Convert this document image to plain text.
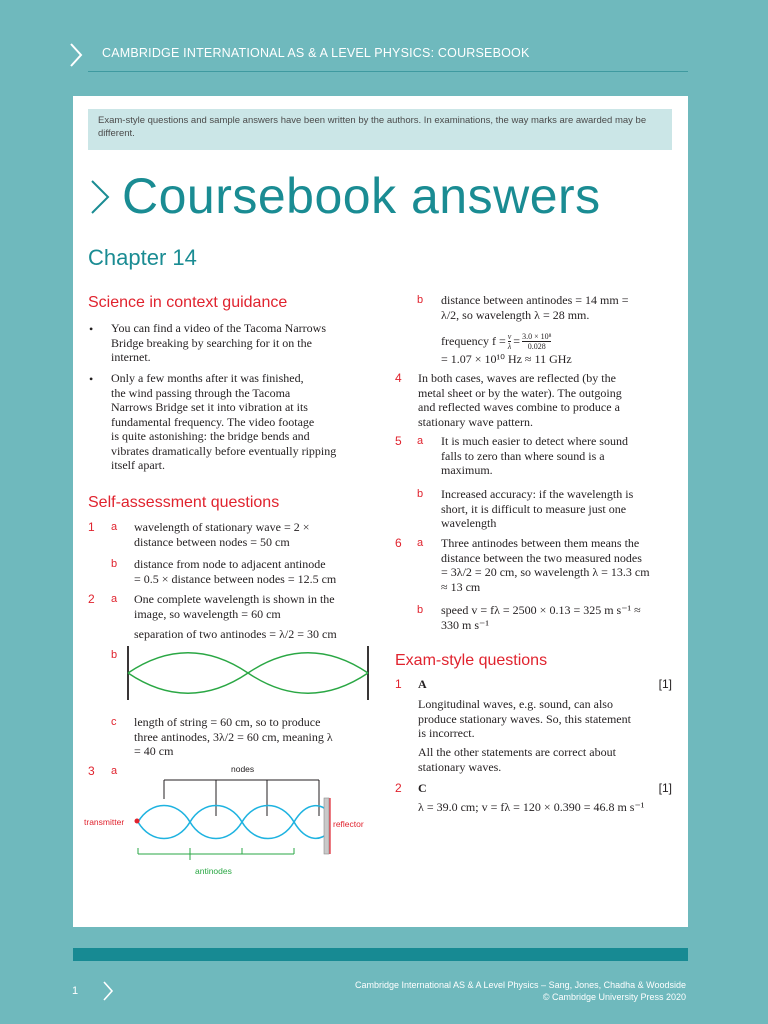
CAMBRIDGE INTERNATIONAL AS & A LEVEL PHYSICS: COURSEBOOK
Exam-style questions and sample answers have been written by the authors. In examinations, the way marks are awarded may be different.
Coursebook answers
Chapter 14
Science in context guidance
• You can find a video of the Tacoma Narrows
Bridge breaking by searching for it on the
internet.
• Only a few months after it was finished,
the wind passing through the Tacoma
Narrows Bridge set it into vibration at its
fundamental frequency. The video footage
is quite astonishing: the bridge bends and
vibrates dramatically before eventually ripping
itself apart.
Self-assessment questions
1 a wavelength of stationary wave = 2 ×
distance between nodes = 50 cm
b distance from node to adjacent antinode
= 0.5 × distance between nodes = 12.5 cm
2 a One complete wavelength is shown in the
image, so wavelength = 60 cm
separation of two antinodes = λ/2 = 30 cm
b
c length of string = 60 cm, so to produce
three antinodes, 3λ/2 = 60 cm, meaning λ
= 40 cm
3 a	nodes
transmitter	reflector
antinodes
b distance between antinodes = 14 mm =
λ/2, so wavelength λ = 28 mm.
frequency $f = \frac{v}{\lambda} = \frac{\text{3.0 × 10⁸}}{0.028}$
= 1.07 × 10¹⁰ Hz ≈ 11 GHz
4 In both cases, waves are reflected (by the
metal sheet or by the water). The outgoing
and reflected waves combine to produce a
stationary wave pattern.
5 a It is much easier to detect where sound
falls to zero than where sound is a
maximum.
b Increased accuracy: if the wavelength is
short, it is difficult to measure just one
wavelength
6 a Three antinodes between them means the
distance between the two measured nodes
= 3λ/2 = 20 cm, so wavelength λ = 13.3 cm
≈ 13 cm
b speed v = fλ = 2500 × 0.13 = 325 m s⁻¹ ≈
330 m s⁻¹
Exam-style questions
1 A	[1]
Longitudinal waves, e.g. sound, can also
produce stationary waves. So, this statement
is incorrect.
All the other statements are correct about
stationary waves.
2 C	[1]
λ = 39.0 cm; v = fλ = 120 × 0.390 = 46.8 m s⁻¹
1	Cambridge International AS & A Level Physics – Sang, Jones, Chadha & Woodside
© Cambridge University Press 2020
